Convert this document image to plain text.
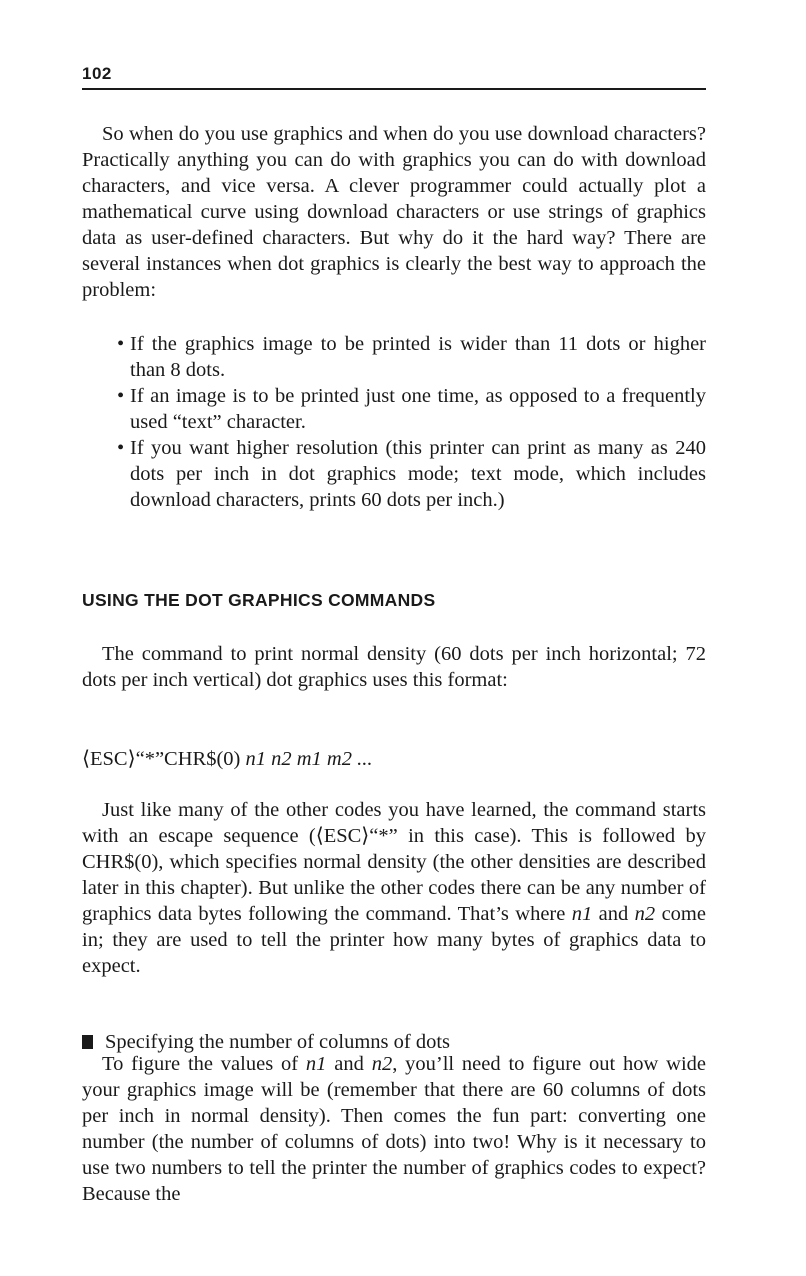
102

So when do you use graphics and when do you use download characters? Practically anything you can do with graphics you can do with download characters, and vice versa. A clever programmer could actually plot a mathematical curve using download characters or use strings of graphics data as user-defined characters. But why do it the hard way? There are several instances when dot graphics is clearly the best way to approach the problem:

• If the graphics image to be printed is wider than 11 dots or higher than 8 dots.
• If an image is to be printed just one time, as opposed to a frequently used “text” character.
• If you want higher resolution (this printer can print as many as 240 dots per inch in dot graphics mode; text mode, which includes download characters, prints 60 dots per inch.)
USING THE DOT GRAPHICS COMMANDS

The command to print normal density (60 dots per inch horizontal; 72 dots per inch vertical) dot graphics uses this format:

⟨ESC⟩“*”CHR$(0) n1 n2 m1 m2 ...

Just like many of the other codes you have learned, the command starts with an escape sequence (⟨ESC⟩“*” in this case). This is followed by CHR$(0), which specifies normal density (the other densities are described later in this chapter). But unlike the other codes there can be any number of graphics data bytes following the command. That’s where n1 and n2 come in; they are used to tell the printer how many bytes of graphics data to expect.

Specifying the number of columns of dots

To figure the values of n1 and n2, you’ll need to figure out how wide your graphics image will be (remember that there are 60 columns of dots per inch in normal density). Then comes the fun part: converting one number (the number of columns of dots) into two! Why is it necessary to use two numbers to tell the printer the number of graphics codes to expect? Because the
